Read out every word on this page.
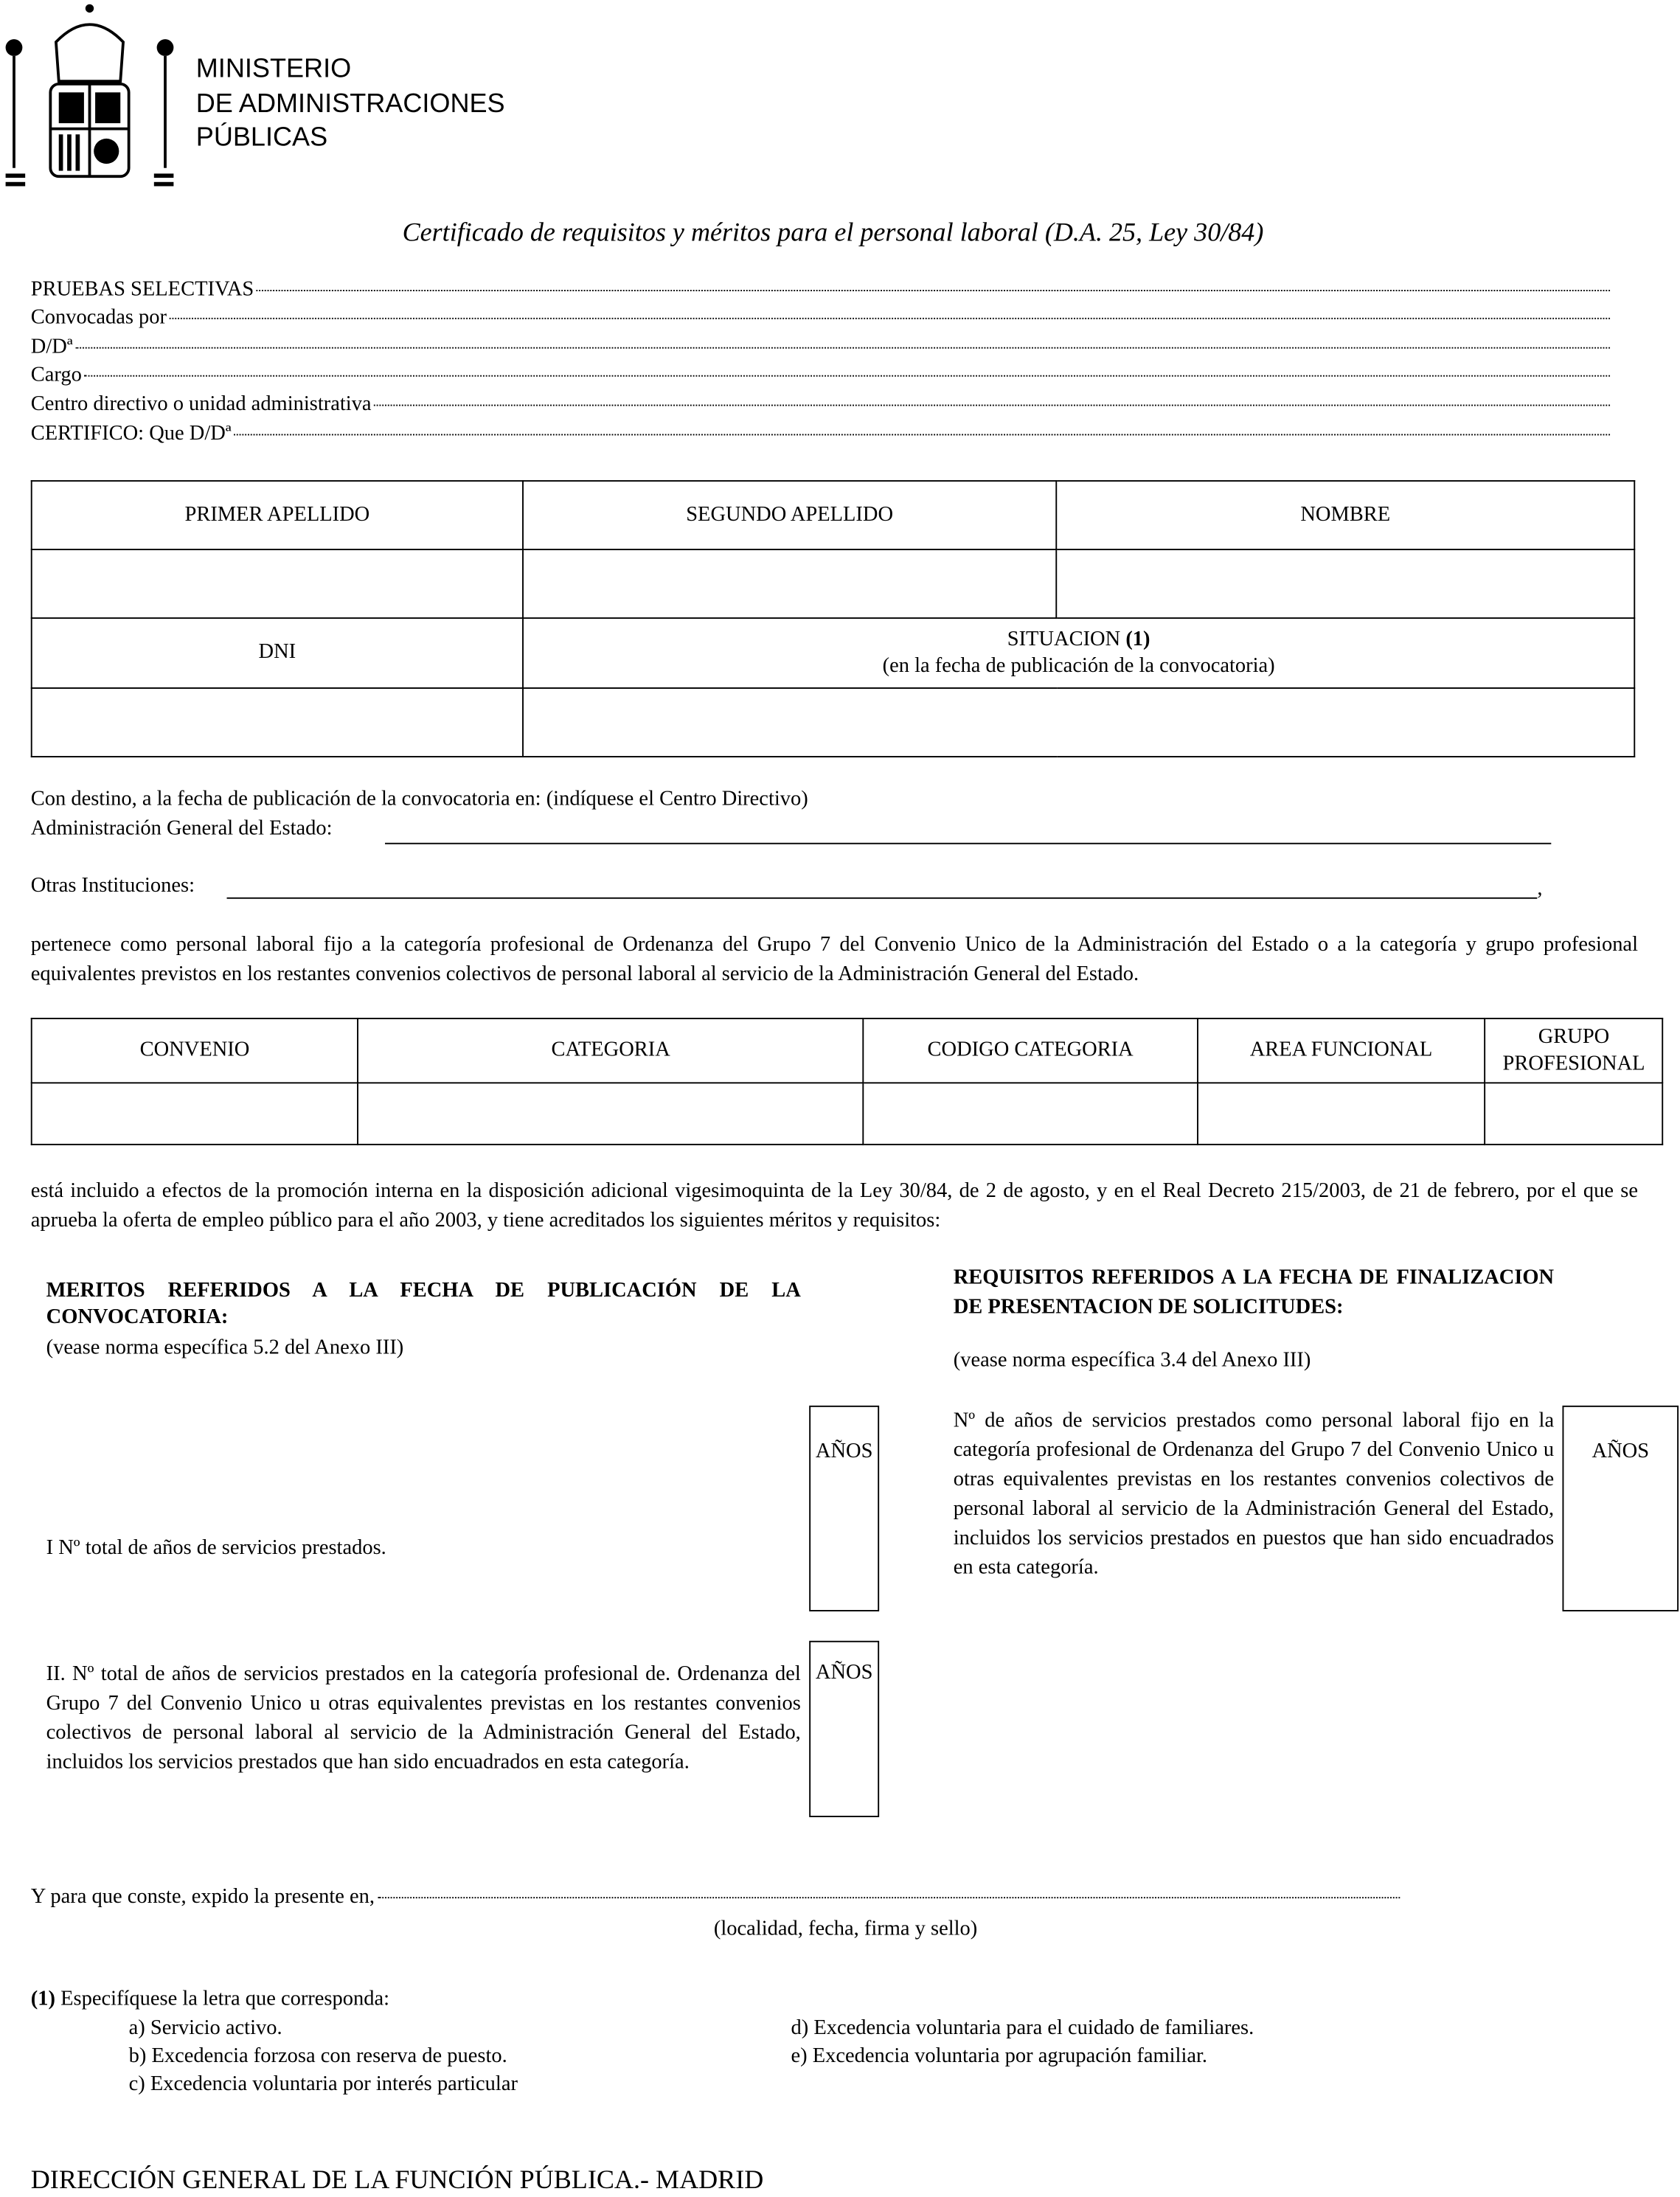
MINISTERIO
DE ADMINISTRACIONES
PÚBLICAS
Certificado de requisitos y méritos para el personal laboral (D.A. 25, Ley 30/84)
PRUEBAS SELECTIVAS
Convocadas por
D/Dª
Cargo
Centro directivo o unidad administrativa
CERTIFICO: Que D/Dª
PRIMER APELLIDO	SEGUNDO APELLIDO	NOMBRE

DNI	SITUACION (1)
(en la fecha de publicación de la convocatoria)	

Con destino, a la fecha de publicación de la convocatoria en: (indíquese el Centro Directivo)
Administración General del Estado:
Otras Instituciones:	,
pertenece como personal laboral fijo a la categoría profesional de Ordenanza del Grupo 7 del Convenio Unico de la Administración del Estado o a la categoría y grupo profesional equivalentes previstos en los restantes convenios colectivos de personal laboral al servicio de la Administración General del Estado.
CONVENIO	CATEGORIA	CODIGO CATEGORIA	AREA FUNCIONAL	GRUPO PROFESIONAL

está incluido a efectos de la promoción interna en la disposición adicional vigesimoquinta de la Ley 30/84, de 2 de agosto, y en el Real Decreto 215/2003, de 21 de febrero, por el que se aprueba la oferta de empleo público para el año 2003, y tiene acreditados los siguientes méritos y requisitos:
MERITOS REFERIDOS A LA FECHA DE PUBLICACIÓN DE LA CONVOCATORIA:
(vease norma específica 5.2 del Anexo III)
REQUISITOS REFERIDOS A LA FECHA DE FINALIZACION DE PRESENTACION DE SOLICITUDES:
(vease norma específica 3.4 del Anexo III)
AÑOS
I Nº total de años de servicios prestados.
Nº de años de servicios prestados como personal laboral fijo en la categoría profesional de Ordenanza del Grupo 7 del Convenio Unico u otras equivalentes previstas en los restantes convenios colectivos de personal laboral al servicio de la Administración General del Estado, incluidos los servicios prestados en puestos que han sido encuadrados en esta categoría.
AÑOS
AÑOS
II. Nº total de años de servicios prestados en la categoría profesional de. Ordenanza del Grupo 7 del Convenio Unico u otras equivalentes previstas en los restantes convenios colectivos de personal laboral al servicio de la Administración General del Estado, incluidos los servicios prestados que han sido encuadrados en esta categoría.
Y para que conste, expido la presente en,
(localidad, fecha, firma y sello)
(1) Especifíquese la letra que corresponda:
a) Servicio activo.
b) Excedencia forzosa con reserva de puesto.
c) Excedencia voluntaria por interés particular
d) Excedencia voluntaria para el cuidado de familiares.
e) Excedencia voluntaria por agrupación familiar.
DIRECCIÓN GENERAL DE LA FUNCIÓN PÚBLICA.- MADRID
